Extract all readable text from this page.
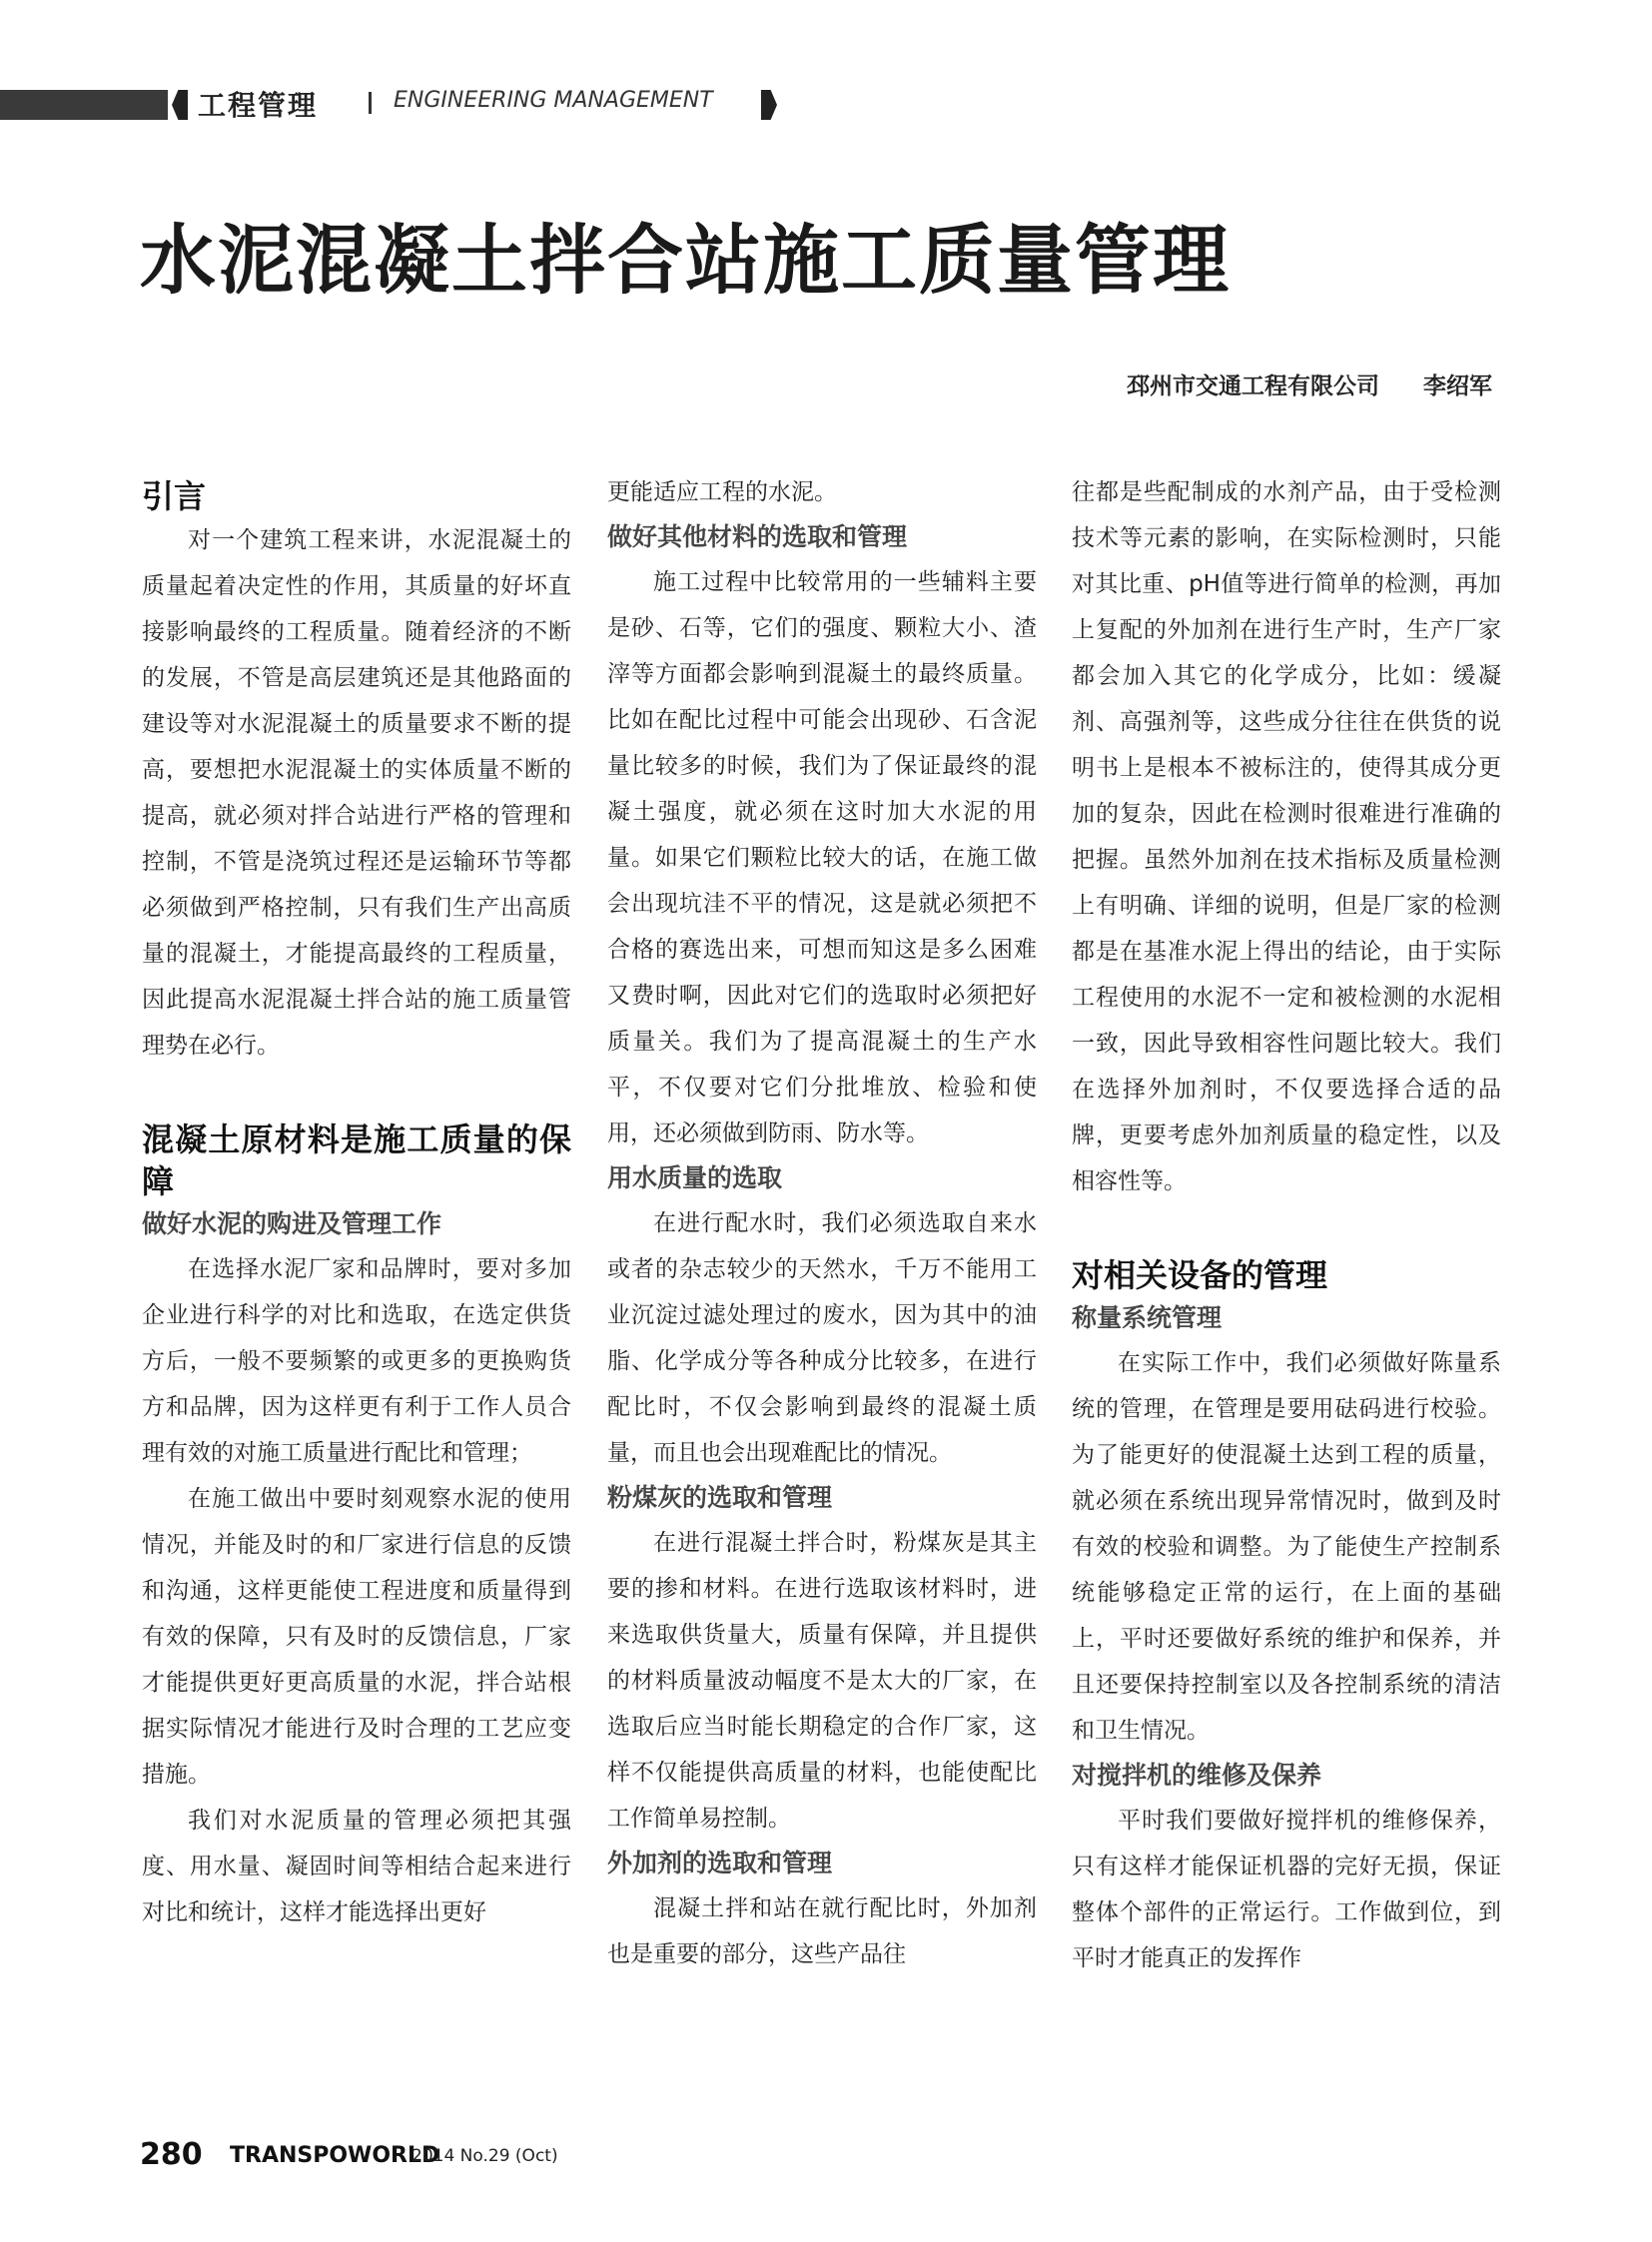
工程管理	ENGINEERING MANAGEMENT
水泥混凝土拌合站施工质量管理
邳州市交通工程有限公司 李绍军
引言

对一个建筑工程来讲，水泥混凝土的质量起着决定性的作用，其质量的好坏直接影响最终的工程质量。随着经济的不断的发展，不管是高层建筑还是其他路面的建设等对水泥混凝土的质量要求不断的提高，要想把水泥混凝土的实体质量不断的提高，就必须对拌合站进行严格的管理和控制，不管是浇筑过程还是运输环节等都必须做到严格控制，只有我们生产出高质量的混凝土，才能提高最终的工程质量，因此提高水泥混凝土拌合站的施工质量管理势在必行。

混凝土原材料是施工质量的保障
做好水泥的购进及管理工作

在选择水泥厂家和品牌时，要对多加企业进行科学的对比和选取，在选定供货方后，一般不要频繁的或更多的更换购货方和品牌，因为这样更有利于工作人员合理有效的对施工质量进行配比和管理；

在施工做出中要时刻观察水泥的使用情况，并能及时的和厂家进行信息的反馈和沟通，这样更能使工程进度和质量得到有效的保障，只有及时的反馈信息，厂家才能提供更好更高质量的水泥，拌合站根据实际情况才能进行及时合理的工艺应变措施。

我们对水泥质量的管理必须把其强度、用水量、凝固时间等相结合起来进行对比和统计，这样才能选择出更好

更能适应工程的水泥。

做好其他材料的选取和管理

施工过程中比较常用的一些辅料主要是砂、石等，它们的强度、颗粒大小、渣滓等方面都会影响到混凝土的最终质量。比如在配比过程中可能会出现砂、石含泥量比较多的时候，我们为了保证最终的混凝土强度，就必须在这时加大水泥的用量。如果它们颗粒比较大的话，在施工做会出现坑洼不平的情况，这是就必须把不合格的赛选出来，可想而知这是多么困难又费时啊，因此对它们的选取时必须把好质量关。我们为了提高混凝土的生产水平，不仅要对它们分批堆放、检验和使用，还必须做到防雨、防水等。

用水质量的选取

在进行配水时，我们必须选取自来水或者的杂志较少的天然水，千万不能用工业沉淀过滤处理过的废水，因为其中的油脂、化学成分等各种成分比较多，在进行配比时，不仅会影响到最终的混凝土质量，而且也会出现难配比的情况。

粉煤灰的选取和管理

在进行混凝土拌合时，粉煤灰是其主要的掺和材料。在进行选取该材料时，进来选取供货量大，质量有保障，并且提供的材料质量波动幅度不是太大的厂家，在选取后应当时能长期稳定的合作厂家，这样不仅能提供高质量的材料，也能使配比工作简单易控制。

外加剂的选取和管理

混凝土拌和站在就行配比时，外加剂也是重要的部分，这些产品往

往都是些配制成的水剂产品，由于受检测技术等元素的影响，在实际检测时，只能对其比重、pH值等进行简单的检测，再加上复配的外加剂在进行生产时，生产厂家都会加入其它的化学成分，比如：缓凝剂、高强剂等，这些成分往往在供货的说明书上是根本不被标注的，使得其成分更加的复杂，因此在检测时很难进行准确的把握。虽然外加剂在技术指标及质量检测上有明确、详细的说明，但是厂家的检测都是在基准水泥上得出的结论，由于实际工程使用的水泥不一定和被检测的水泥相一致，因此导致相容性问题比较大。我们在选择外加剂时，不仅要选择合适的品牌，更要考虑外加剂质量的稳定性，以及相容性等。

对相关设备的管理
称量系统管理

在实际工作中，我们必须做好陈量系统的管理，在管理是要用砝码进行校验。为了能更好的使混凝土达到工程的质量，就必须在系统出现异常情况时，做到及时有效的校验和调整。为了能使生产控制系统能够稳定正常的运行，在上面的基础上，平时还要做好系统的维护和保养，并且还要保持控制室以及各控制系统的清洁和卫生情况。

对搅拌机的维修及保养

平时我们要做好搅拌机的维修保养，只有这样才能保证机器的完好无损，保证整体个部件的正常运行。工作做到位，到平时才能真正的发挥作

280 TRANSPOWORLD
2014 No.29 (Oct)
